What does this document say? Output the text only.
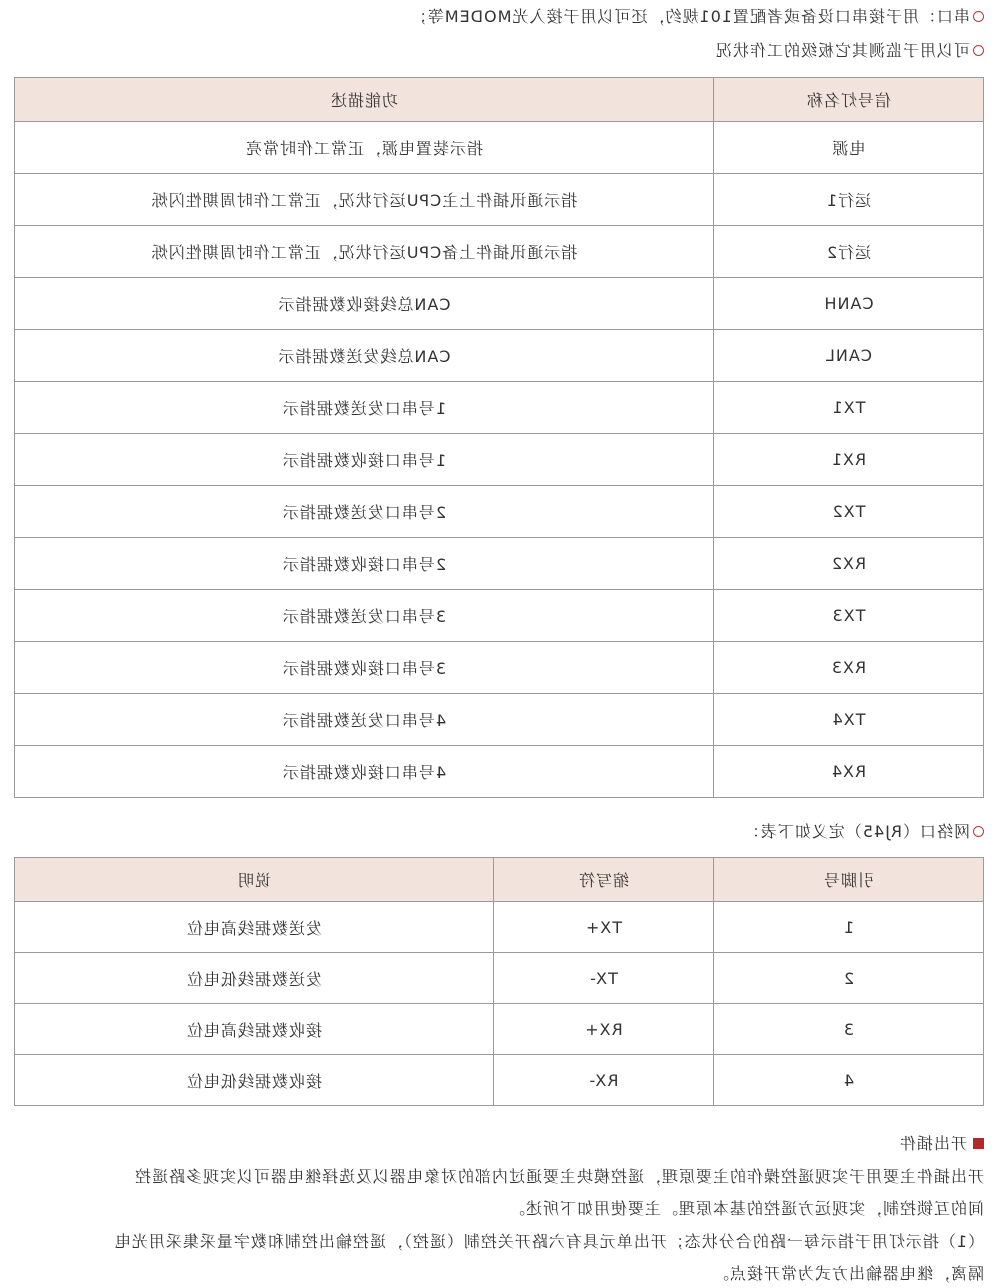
串口：用于接串口设备或者配置101规约，还可以用于接入光MODEM等；
可以用于监测其它板级的工作状况
信号灯名称	功能描述
电源	指示装置电源，正常工作时常亮
运行1	指示通讯插件上主CPU运行状况，正常工作时周期性闪烁
运行2	指示通讯插件上备CPU运行状况，正常工作时周期性闪烁
CANH	CAN总线接收数据指示
CANL	CAN总线发送数据指示
TX1	1号串口发送数据指示
RX1	1号串口接收数据指示
TX2	2号串口发送数据指示
RX2	2号串口接收数据指示
TX3	3号串口发送数据指示
RX3	3号串口接收数据指示
TX4	4号串口发送数据指示
RX4	4号串口接收数据指示
网络口（RJ45）定义如下表：
引脚号	缩写符	说明
1	TX+	发送数据线高电位
2	TX-	发送数据线低电位
3	RX+	接收数据线高电位
4	RX-	接收数据线低电位
开出插件
开出插件主要用于实现遥控操作的主要原理，遥控模块主要通过内部的对象电器以及选择继电器可以实现多路遥控
间的互锁控制，实现远方遥控的基本原理。主要使用如下所述。
（1）指示灯用于指示每一路的合分状态；开出单元具有六路开关控制（遥控），遥控输出控制和数字量采集采用光电
隔离，继电器输出方式为常开接点。
